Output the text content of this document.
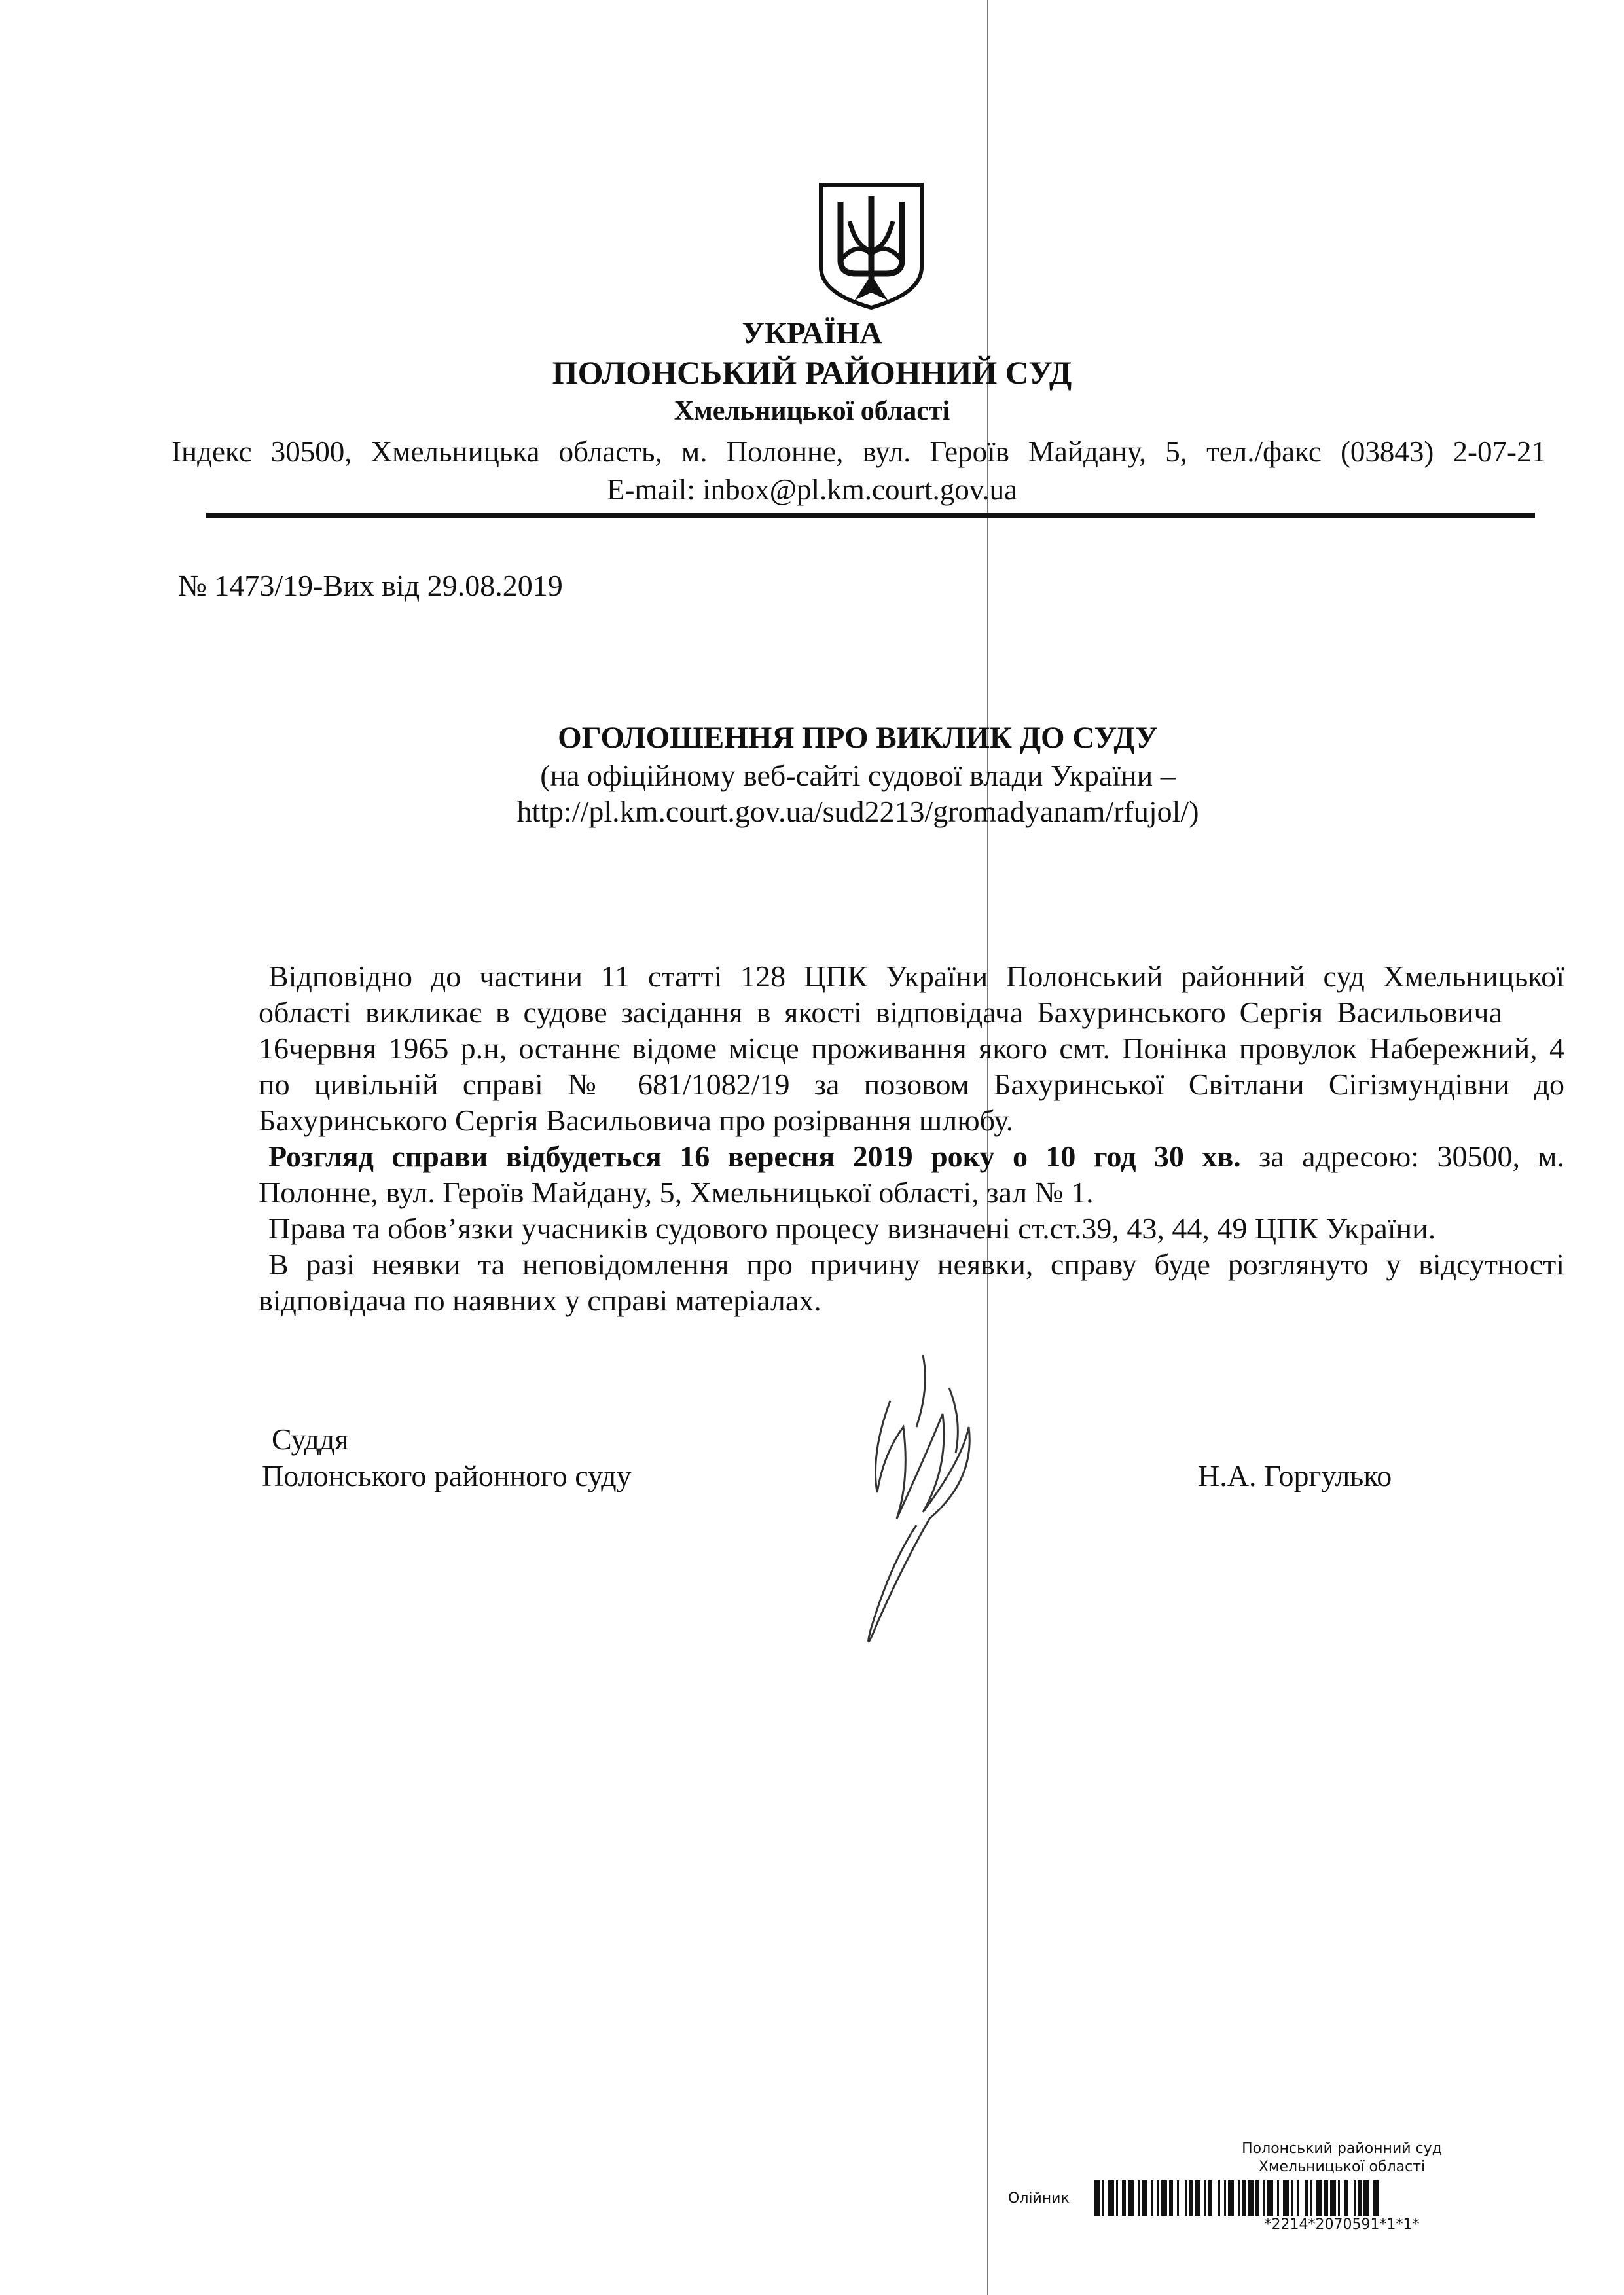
УКРАЇНА
ПОЛОНСЬКИЙ РАЙОННИЙ СУД
Хмельницької області
Індекс 30500, Хмельницька область, м. Полонне, вул. Героїв Майдану, 5, тел./факс (03843) 2-07-21
E-mail: inbox@pl.km.court.gov.ua
№ 1473/19-Вих від 29.08.2019
ОГОЛОШЕННЯ ПРО ВИКЛИК ДО СУДУ
(на офіційному веб-сайті судової влади України –
http://pl.km.court.gov.ua/sud2213/gromadyanam/rfujol/)
Відповідно до частини 11 статті 128 ЦПК України Полонський районний суд Хмельницької
області викликає в судове засідання в якості відповідача Бахуринського Сергія Васильовича
16червня 1965 р.н, останнє відоме місце проживання якого смт. Понінка провулок Набережний, 4
по цивільній справі № 681/1082/19 за позовом Бахуринської Світлани Сігізмундівни до
Бахуринського Сергія Васильовича про розірвання шлюбу.
Розгляд справи відбудеться 16 вересня 2019 року о 10 год 30 хв. за адресою: 30500, м.
Полонне, вул. Героїв Майдану, 5, Хмельницької області, зал № 1.
Права та обов’язки учасників судового процесу визначені ст.ст.39, 43, 44, 49 ЦПК України.
В разі неявки та неповідомлення про причину неявки, справу буде розглянуто у відсутності
відповідача по наявних у справі матеріалах.
Суддя
Полонського районного суду	Н.А. Горгулько
Полонський районний суд
Хмельницької області
Олійник
*2214*2070591*1*1*
